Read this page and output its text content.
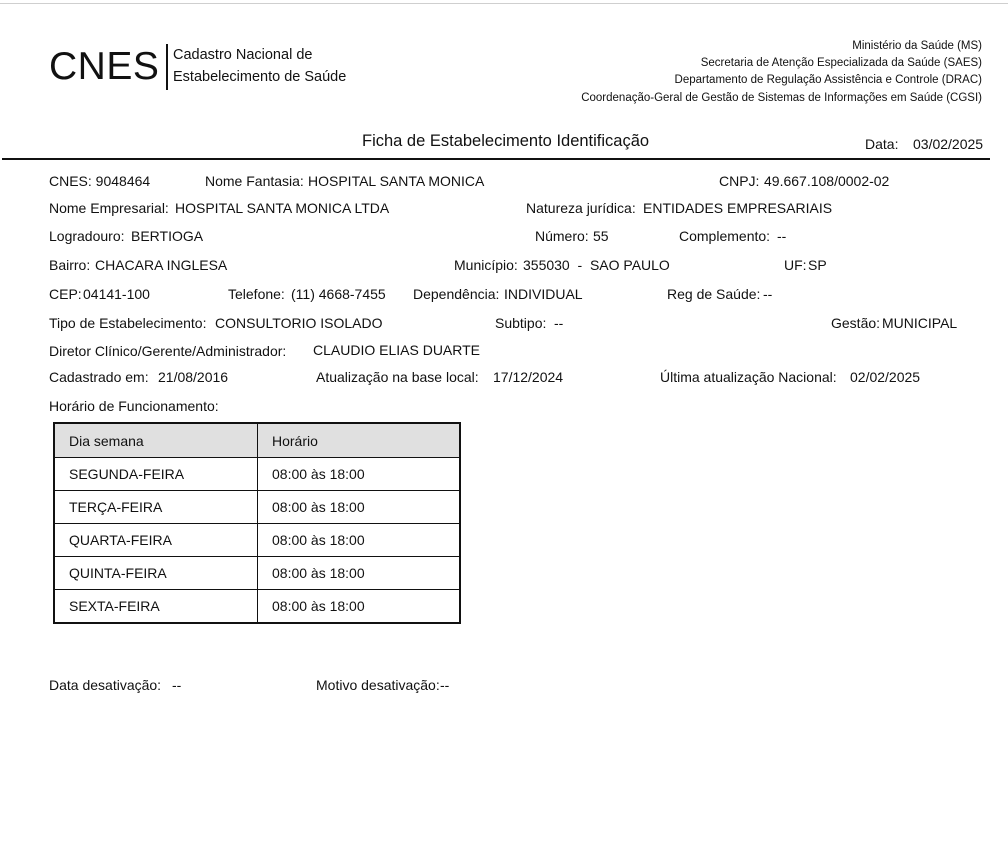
CNES Cadastro Nacional de
Estabelecimento de Saúde
Ministério da Saúde (MS)
Secretaria de Atenção Especializada da Saúde (SAES)
Departamento de Regulação Assistência e Controle (DRAC)
Coordenação-Geral de Gestão de Sistemas de Informações em Saúde (CGSI)
Ficha de Estabelecimento Identificação	Data: 03/02/2025
CNES: 9048464	Nome Fantasia: HOSPITAL SANTA MONICA	CNPJ: 49.667.108/0002-02
Nome Empresarial: HOSPITAL SANTA MONICA LTDA	Natureza jurídica: ENTIDADES EMPRESARIAIS
Logradouro: BERTIOGA	Número: 55	Complemento: --
Bairro: CHACARA INGLESA	Município: 355030  -  SAO PAULO	UF: SP
CEP: 04141-100	Telefone: (11) 4668-7455 Dependência: INDIVIDUAL	Reg de Saúde: --
Tipo de Estabelecimento: CONSULTORIO ISOLADO	Subtipo: --	Gestão: MUNICIPAL
Diretor Clínico/Gerente/Administrador: CLAUDIO ELIAS DUARTE
Cadastrado em: 21/08/2016	Atualização na base local: 17/12/2024	Última atualização Nacional: 02/02/2025
Horário de Funcionamento:
Dia semana	Horário
SEGUNDA-FEIRA	08:00 às 18:00
TERÇA-FEIRA	08:00 às 18:00
QUARTA-FEIRA	08:00 às 18:00
QUINTA-FEIRA	08:00 às 18:00
SEXTA-FEIRA	08:00 às 18:00
Data desativação: --	Motivo desativação: --
